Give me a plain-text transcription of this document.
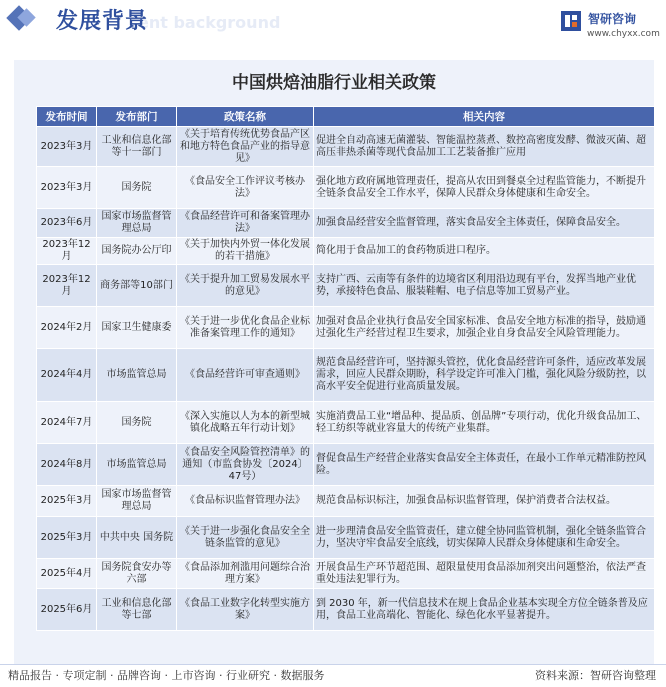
ent background
发展背景	智研咨询
www.chyxx.com
中国烘焙油脂行业相关政策
发布时间	发布部门	政策名称	相关内容
2023年3月	工业和信息化部等十一部门	《关于培育传统优势食品产区和地方特色食品产业的指导意见》	促进全自动高速无菌灌装、智能温控蒸煮、数控高密度发酵、微波灭菌、超高压非热杀菌等现代食品加工工艺装备推广应用
2023年3月	国务院	《食品安全工作评议考核办法》	强化地方政府属地管理责任，提高从农田到餐桌全过程监管能力，不断提升全链条食品安全工作水平，保障人民群众身体健康和生命安全。
2023年6月	国家市场监督管理总局	《食品经营许可和备案管理办法》	加强食品经营安全监督管理，落实食品安全主体责任，保障食品安全。
2023年12月	国务院办公厅印	《关于加快内外贸一体化发展的若干措施》	简化用于食品加工的食药物质进口程序。
2023年12月	商务部等10部门	《关于提升加工贸易发展水平的意见》	支持广西、云南等有条件的边境省区利用沿边现有平台，发挥当地产业优势，承接特色食品、服装鞋帽、电子信息等加工贸易产业。
2024年2月	国家卫生健康委	《关于进一步优化食品企业标准备案管理工作的通知》	加强对食品企业执行食品安全国家标准、食品安全地方标准的指导，鼓励通过强化生产经营过程卫生要求，加强企业自身食品安全风险管理能力。
2024年4月	市场监管总局	《食品经营许可审查通则》	规范食品经营许可，坚持源头管控，优化食品经营许可条件，适应改革发展需求，回应人民群众期盼，科学设定许可准入门槛，强化风险分级防控，以高水平安全促进行业高质量发展。
2024年7月	国务院	《深入实施以人为本的新型城镇化战略五年行动计划》	实施消费品工业“增品种、提品质、创品牌”专项行动，优化升级食品加工、轻工纺织等就业容量大的传统产业集群。
2024年8月	市场监管总局	《食品安全风险管控清单》的通知（市监食协发〔2024〕47号）	督促食品生产经营企业落实食品安全主体责任，在最小工作单元精准防控风险。
2025年3月	国家市场监督管理总局	《食品标识监督管理办法》	规范食品标识标注，加强食品标识监督管理，保护消费者合法权益。
2025年3月	中共中央 国务院	《关于进一步强化食品安全全链条监管的意见》	进一步理清食品安全监管责任，建立健全协同监管机制，强化全链条监管合力，坚决守牢食品安全底线，切实保障人民群众身体健康和生命安全。
2025年4月	国务院食安办等六部	《食品添加剂滥用问题综合治理方案》	开展食品生产环节超范围、超限量使用食品添加剂突出问题整治，依法严查重处违法犯罪行为。
2025年6月	工业和信息化部等七部	《食品工业数字化转型实施方案》	到 2030 年，新一代信息技术在规上食品企业基本实现全方位全链条普及应用，食品工业高端化、智能化、绿色化水平显著提升。
精品报告 · 专项定制 · 品牌咨询 · 上市咨询 · 行业研究 · 数据服务	资料来源：智研咨询整理
